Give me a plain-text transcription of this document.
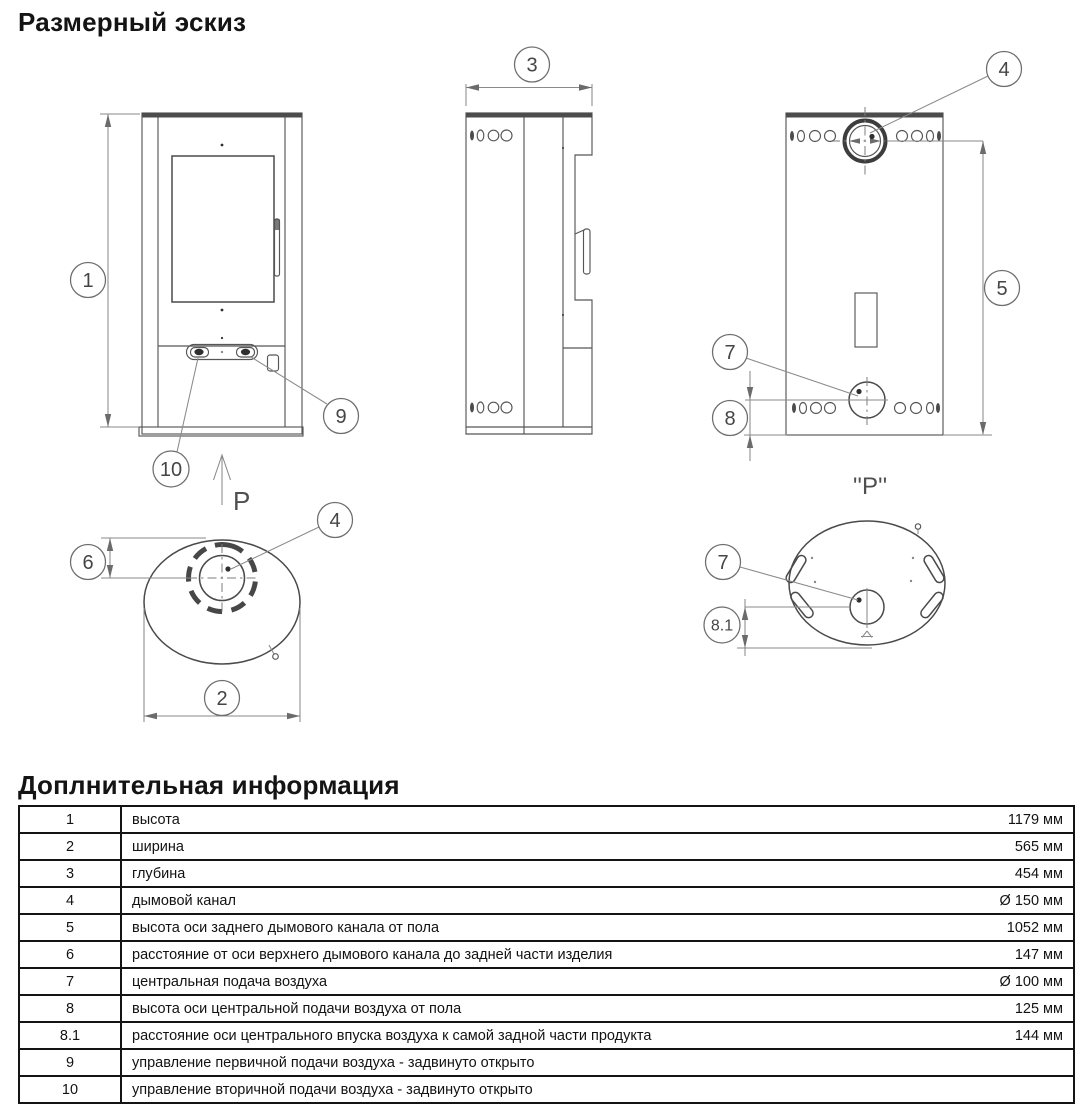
Размерный эскиз
1
9
10
P
3	4
5
7
8
4
6
2
''P''
7
8.1
Доплнительная информация
1	высота	1179 мм
2	ширина	565 мм
3	глубина	454 мм
4	дымовой канал	Ø 150 мм
5	высота оси заднего дымового канала от пола	1052 мм
6	расстояние от оси верхнего дымового канала до задней части изделия	147 мм
7	центральная подача воздуха	Ø 100 мм
8	высота оси центральной подачи воздуха от пола	125 мм
8.1	расстояние оси центрального впуска воздуха к самой задной части продукта	144 мм
9	управление первичной подачи воздуха - задвинуто открыто	
10	управление вторичной подачи воздуха - задвинуто открыто	
